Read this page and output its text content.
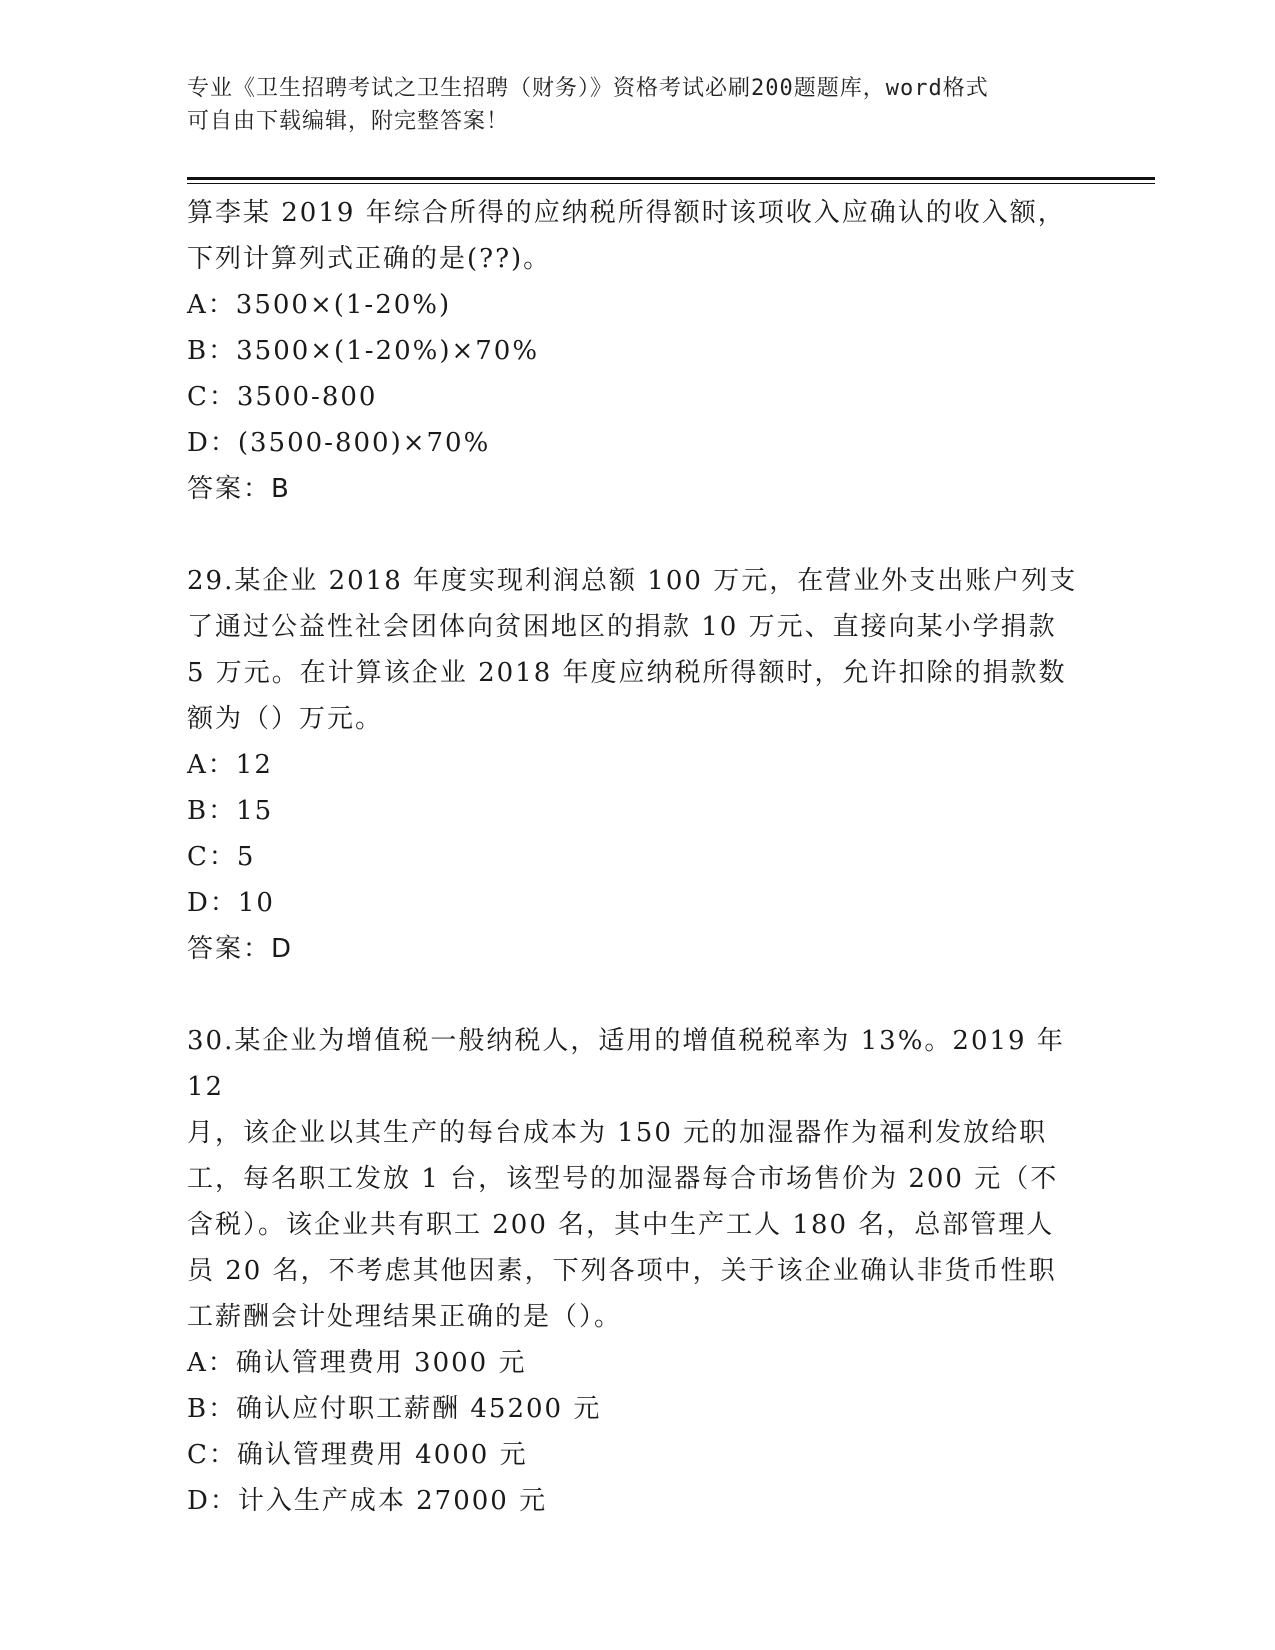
专业《卫生招聘考试之卫生招聘（财务）》资格考试必刷200题题库，word格式
可自由下载编辑，附完整答案！

算李某 2019 年综合所得的应纳税所得额时该项收入应确认的收入额，

下列计算列式正确的是(??)。

A：3500×(1-20%)

B：3500×(1-20%)×70%

C：3500-800

D：(3500-800)×70%

答案：B

29.某企业 2018 年度实现利润总额 100 万元，在营业外支出账户列支

了通过公益性社会团体向贫困地区的捐款 10 万元、直接向某小学捐款

5 万元。在计算该企业 2018 年度应纳税所得额时，允许扣除的捐款数

额为（）万元。

A：12

B：15

C：5

D：10

答案：D

30.某企业为增值税一般纳税人，适用的增值税税率为 13%。2019 年 12

月，该企业以其生产的每台成本为 150 元的加湿器作为福利发放给职

工，每名职工发放 1 台，该型号的加湿器每合市场售价为 200 元（不

含税）。该企业共有职工 200 名，其中生产工人 180 名，总部管理人

员 20 名，不考虑其他因素，下列各项中，关于该企业确认非货币性职

工薪酬会计处理结果正确的是（）。

A：确认管理费用 3000 元

B：确认应付职工薪酬 45200 元

C：确认管理费用 4000 元

D：计入生产成本 27000 元
